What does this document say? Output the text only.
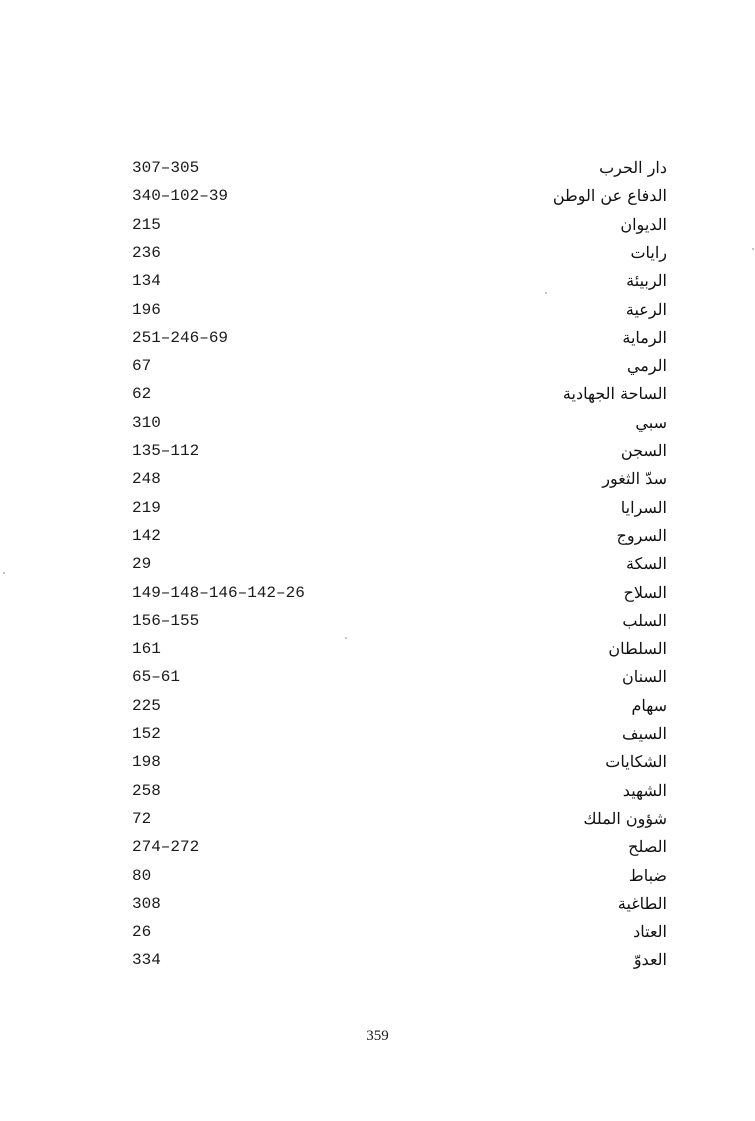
307–305	دار الحرب
340–102–39	الدفاع عن الوطن
215	الديوان
236	رايات
134	الربيئة
196	الرعية
251–246–69	الرماية
67	الرمي
62	الساحة الجهادية
310	سبي
135–112	السجن
248	سدّ الثغور
219	السرايا
142	السروج
29	السكة
149–148–146–142–26	السلاح
156–155	السلب
161	السلطان
65–61	السنان
225	سهام
152	السيف
198	الشكايات
258	الشهيد
72	شؤون الملك
274–272	الصلح
80	ضباط
308	الطاغية
26	العتاد
334	العدوّ
359
